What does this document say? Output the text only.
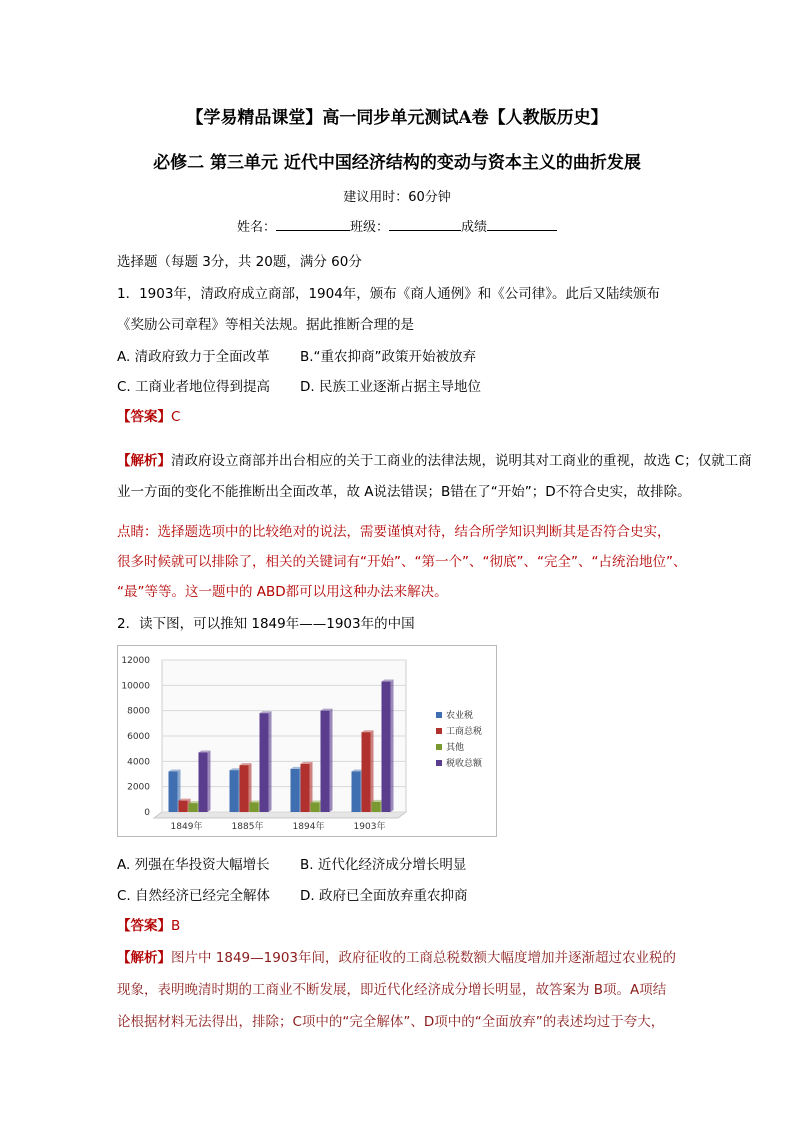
【学易精品课堂】高一同步单元测试A卷【人教版历史】
必修二 第三单元 近代中国经济结构的变动与资本主义的曲折发展
建议用时：60分钟
姓名：	班级：	成绩
选择题（每题 3分，共 20题，满分 60分
1．1903年，清政府成立商部，1904年，颁布《商人通例》和《公司律》。此后又陆续颁布
《奖励公司章程》等相关法规。据此推断合理的是
A. 清政府致力于全面改革 B.“重农抑商”政策开始被放弃
C. 工商业者地位得到提高 D. 民族工业逐渐占据主导地位
【答案】C
【解析】清政府设立商部并出台相应的关于工商业的法律法规，说明其对工商业的重视，故选 C；仅就工商
业一方面的变化不能推断出全面改革，故 A说法错误；B错在了“开始”；D不符合史实，故排除。
点睛：选择题选项中的比较绝对的说法，需要谨慎对待，结合所学知识判断其是否符合史实，
很多时候就可以排除了，相关的关键词有“开始”、“第一个”、“彻底”、“完全”、“占统治地位”、
“最”等等。这一题中的 ABD都可以用这种办法来解决。
2．读下图，可以推知 1849年——1903年的中国
0
2000
4000
6000
8000
10000
12000
1849年	1885年	1894年	1903年
农业税
工商总税
其他
税收总额
A. 列强在华投资大幅增长 B. 近代化经济成分增长明显
C. 自然经济已经完全解体 D. 政府已全面放弃重农抑商
【答案】B
【解析】图片中 1849—1903年间，政府征收的工商总税数额大幅度增加并逐渐超过农业税的
现象，表明晚清时期的工商业不断发展，即近代化经济成分增长明显，故答案为 B项。A项结
论根据材料无法得出，排除；C项中的“完全解体”、D项中的“全面放弃”的表述均过于夸大，
